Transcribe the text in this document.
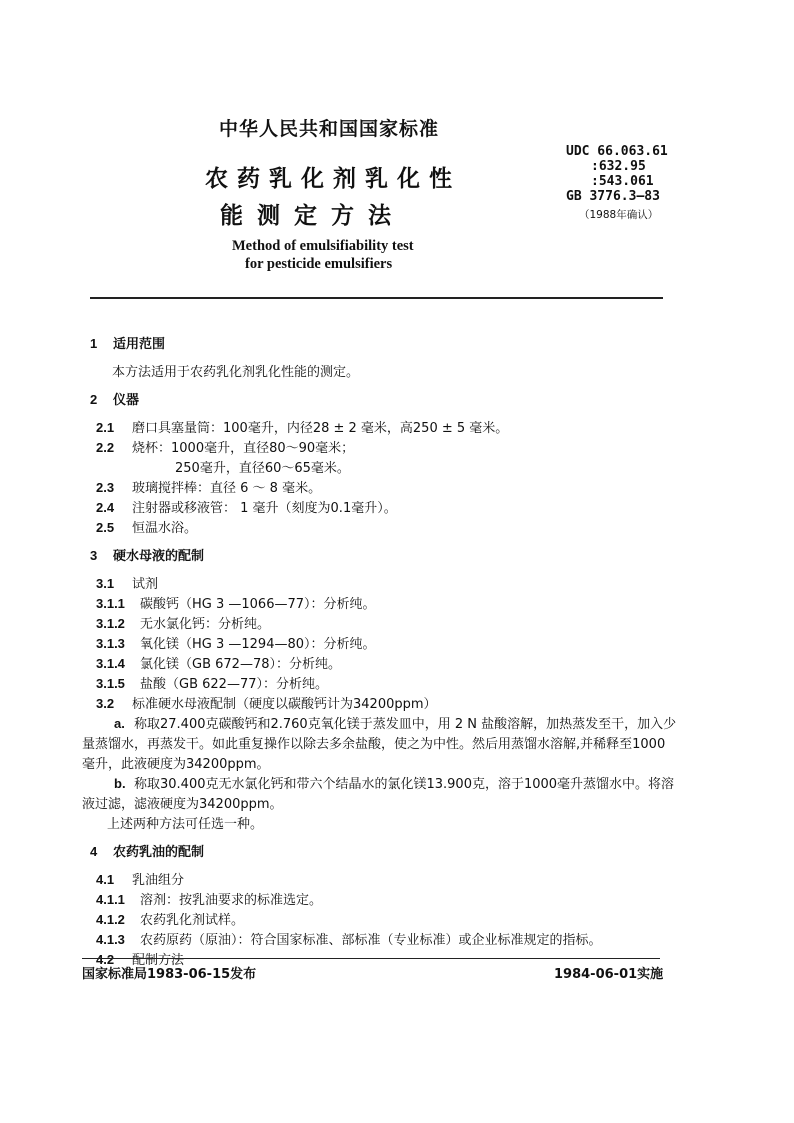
中华人民共和国国家标准
农药乳化剂乳化性
能测定方法
Method of emulsifiability test
for pesticide emulsifiers
UDC 66.063.61
:632.95
:543.061
GB 3776.3—83
（1988年确认）
1 适用范围
本方法适用于农药乳化剂乳化性能的测定。
2 仪器
2.1 磨口具塞量筒：100毫升，内径28 ± 2 毫米，高250 ± 5 毫米。
2.2 烧杯：1000毫升，直径80～90毫米；
250毫升，直径60～65毫米。
2.3 玻璃搅拌棒：直径 6 ～ 8 毫米。
2.4 注射器或移液管： 1 毫升（刻度为0.1毫升）。
2.5 恒温水浴。
3 硬水母液的配制
3.1 试剂
3.1.1 碳酸钙（HG 3 —1066—77）：分析纯。
3.1.2 无水氯化钙：分析纯。
3.1.3 氧化镁（HG 3 —1294—80）：分析纯。
3.1.4 氯化镁（GB 672—78）：分析纯。
3.1.5 盐酸（GB 622—77）：分析纯。
3.2 标准硬水母液配制（硬度以碳酸钙计为34200ppm）
a. 称取27.400克碳酸钙和2.760克氧化镁于蒸发皿中，用 2 N 盐酸溶解，加热蒸发至干，加入少
量蒸馏水，再蒸发干。如此重复操作以除去多余盐酸，使之为中性。然后用蒸馏水溶解,并稀释至1000
毫升，此液硬度为34200ppm。
b. 称取30.400克无水氯化钙和带六个结晶水的氯化镁13.900克，溶于1000毫升蒸馏水中。将溶
液过滤，滤液硬度为34200ppm。
上述两种方法可任选一种。
4 农药乳油的配制
4.1 乳油组分
4.1.1 溶剂：按乳油要求的标准选定。
4.1.2 农药乳化剂试样。
4.1.3 农药原药（原油）：符合国家标准、部标准（专业标准）或企业标准规定的指标。
4.2 配制方法
国家标准局1983-06-15发布	1984-06-01实施
